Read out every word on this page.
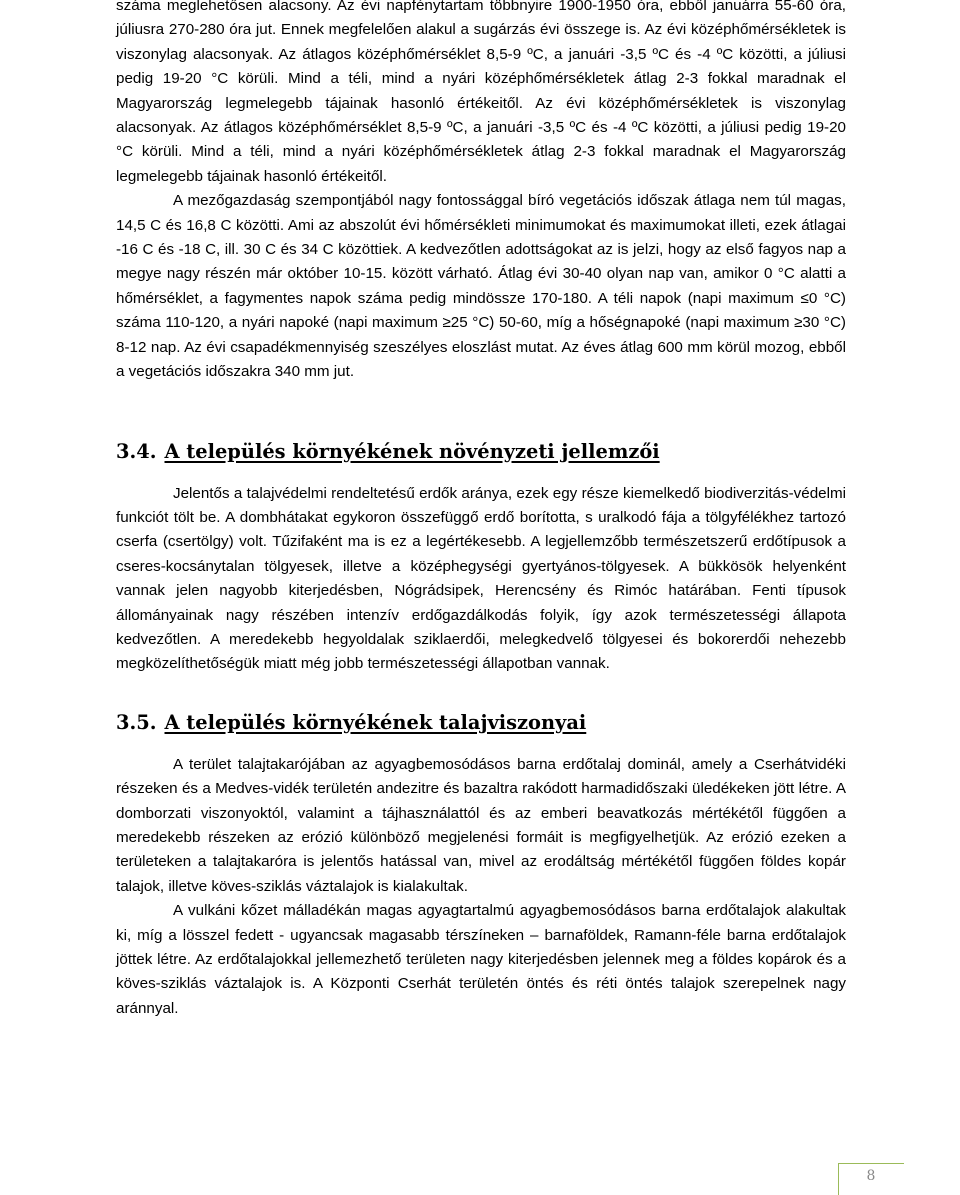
száma meglehetősen alacsony. Az évi napfénytartam többnyire 1900-1950 óra, ebből januárra 55-60 óra, júliusra 270-280 óra jut. Ennek megfelelően alakul a sugárzás évi összege is. Az évi középhőmérsékletek is viszonylag alacsonyak. Az átlagos középhőmérséklet 8,5-9 ºC, a januári -3,5 ºC és -4 ºC közötti, a júliusi pedig 19-20 °C körüli. Mind a téli, mind a nyári középhőmérsékletek átlag 2-3 fokkal maradnak el Magyarország legmelegebb tájainak hasonló értékeitől. Az évi középhőmérsékletek is viszonylag alacsonyak. Az átlagos középhőmérséklet 8,5-9 ºC, a januári -3,5 ºC és -4 ºC közötti, a júliusi pedig 19-20 °C körüli. Mind a téli, mind a nyári középhőmérsékletek átlag 2-3 fokkal maradnak el Magyarország legmelegebb tájainak hasonló értékeitől.

A mezőgazdaság szempontjából nagy fontossággal bíró vegetációs időszak átlaga nem túl magas, 14,5 C és 16,8 C közötti. Ami az abszolút évi hőmérsékleti minimumokat és maximumokat illeti, ezek átlagai -16 C és -18 C, ill. 30 C és 34 C közöttiek. A kedvezőtlen adottságokat az is jelzi, hogy az első fagyos nap a megye nagy részén már október 10-15. között várható. Átlag évi 30-40 olyan nap van, amikor 0 °C alatti a hőmérséklet, a fagymentes napok száma pedig mindössze 170-180. A téli napok (napi maximum ≤0 °C) száma 110-120, a nyári napoké (napi maximum ≥25 °C) 50-60, míg a hőségnapoké (napi maximum ≥30 °C) 8-12 nap. Az évi csapadékmennyiség szeszélyes eloszlást mutat. Az éves átlag 600 mm körül mozog, ebből a vegetációs időszakra 340 mm jut.

3.4. A település környékének növényzeti jellemzői

Jelentős a talajvédelmi rendeltetésű erdők aránya, ezek egy része kiemelkedő biodiverzitás-védelmi funkciót tölt be. A dombhátakat egykoron összefüggő erdő borította, s uralkodó fája a tölgyfélékhez tartozó cserfa (csertölgy) volt. Tűzifaként ma is ez a legértékesebb. A legjellemzőbb természetszerű erdőtípusok a cseres-kocsánytalan tölgyesek, illetve a középhegységi gyertyános-tölgyesek. A bükkösök helyenként vannak jelen nagyobb kiterjedésben, Nógrádsipek, Herencsény és Rimóc határában. Fenti típusok állományainak nagy részében intenzív erdőgazdálkodás folyik, így azok természetességi állapota kedvezőtlen. A meredekebb hegyoldalak sziklaerdői, melegkedvelő tölgyesei és bokorerdői nehezebb megközelíthetőségük miatt még jobb természetességi állapotban vannak.

3.5. A település környékének talajviszonyai

A terület talajtakarójában az agyagbemosódásos barna erdőtalaj dominál, amely a Cserhátvidéki részeken és a Medves-vidék területén andezitre és bazaltra rakódott harmadidőszaki üledékeken jött létre. A domborzati viszonyoktól, valamint a tájhasználattól és az emberi beavatkozás mértékétől függően a meredekebb részeken az erózió különböző megjelenési formáit is megfigyelhetjük. Az erózió ezeken a területeken a talajtakaróra is jelentős hatással van, mivel az erodáltság mértékétől függően földes kopár talajok, illetve köves-sziklás váztalajok is kialakultak.

A vulkáni kőzet málladékán magas agyagtartalmú agyagbemosódásos barna erdőtalajok alakultak ki, míg a lösszel fedett - ugyancsak magasabb térszíneken – barnaföldek, Ramann-féle barna erdőtalajok jöttek létre. Az erdőtalajokkal jellemezhető területen nagy kiterjedésben jelennek meg a földes kopárok és a köves-sziklás váztalajok is. A Központi Cserhát területén öntés és réti öntés talajok szerepelnek nagy aránnyal.

8
